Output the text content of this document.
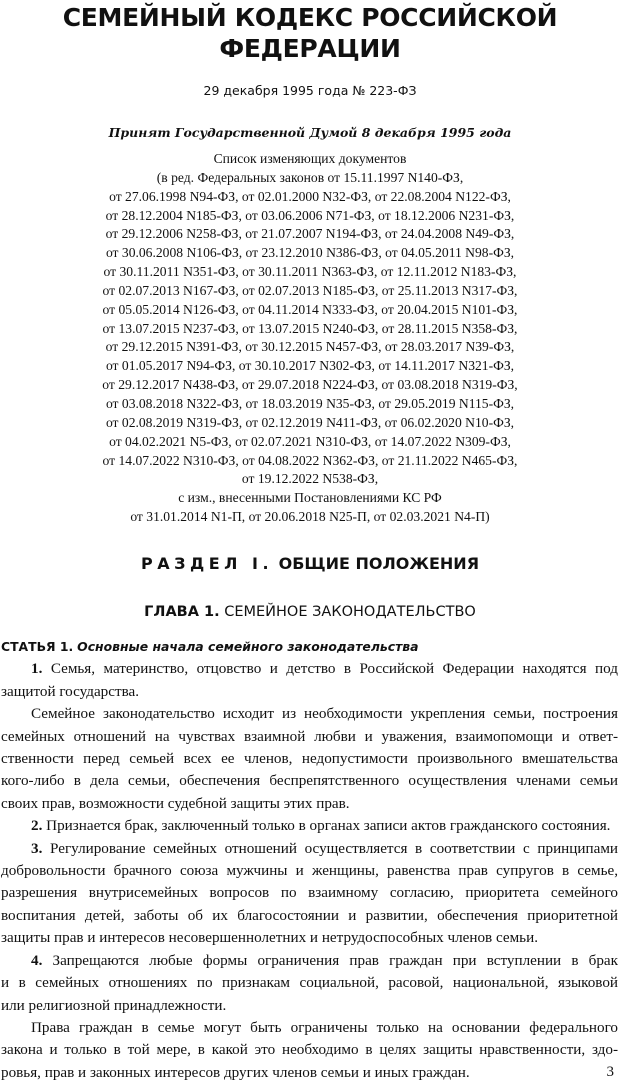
СЕМЕЙНЫЙ КОДЕКС РОССИЙСКОЙ
ФЕДЕРАЦИИ
29 декабря 1995 года № 223-ФЗ
Принят Государственной Думой 8 декабря 1995 года
Список изменяющих документов
(в ред. Федеральных законов от 15.11.1997 N140-ФЗ,
от 27.06.1998 N94-ФЗ, от 02.01.2000 N32-ФЗ, от 22.08.2004 N122-ФЗ,
от 28.12.2004 N185-ФЗ, от 03.06.2006 N71-ФЗ, от 18.12.2006 N231-ФЗ,
от 29.12.2006 N258-ФЗ, от 21.07.2007 N194-ФЗ, от 24.04.2008 N49-ФЗ,
от 30.06.2008 N106-ФЗ, от 23.12.2010 N386-ФЗ, от 04.05.2011 N98-ФЗ,
от 30.11.2011 N351-ФЗ, от 30.11.2011 N363-ФЗ, от 12.11.2012 N183-ФЗ,
от 02.07.2013 N167-ФЗ, от 02.07.2013 N185-ФЗ, от 25.11.2013 N317-ФЗ,
от 05.05.2014 N126-ФЗ, от 04.11.2014 N333-ФЗ, от 20.04.2015 N101-ФЗ,
от 13.07.2015 N237-ФЗ, от 13.07.2015 N240-ФЗ, от 28.11.2015 N358-ФЗ,
от 29.12.2015 N391-ФЗ, от 30.12.2015 N457-ФЗ, от 28.03.2017 N39-ФЗ,
от 01.05.2017 N94-ФЗ, от 30.10.2017 N302-ФЗ, от 14.11.2017 N321-ФЗ,
от 29.12.2017 N438-ФЗ, от 29.07.2018 N224-ФЗ, от 03.08.2018 N319-ФЗ,
от 03.08.2018 N322-ФЗ, от 18.03.2019 N35-ФЗ, от 29.05.2019 N115-ФЗ,
от 02.08.2019 N319-ФЗ, от 02.12.2019 N411-ФЗ, от 06.02.2020 N10-ФЗ,
от 04.02.2021 N5-ФЗ, от 02.07.2021 N310-ФЗ, от 14.07.2022 N309-ФЗ,
от 14.07.2022 N310-ФЗ, от 04.08.2022 N362-ФЗ, от 21.11.2022 N465-ФЗ,
от 19.12.2022 N538-ФЗ,
с изм., внесенными Постановлениями КС РФ
от 31.01.2014 N1-П, от 20.06.2018 N25-П, от 02.03.2021 N4-П)
РАЗДЕЛ I. ОБЩИЕ ПОЛОЖЕНИЯ
ГЛАВА 1. СЕМЕЙНОЕ ЗАКОНОДАТЕЛЬСТВО
СТАТЬЯ 1. Основные начала семейного законодательства
1. Семья, материнство, отцовство и детство в Российской Федерации находятся под
защитой государства.
Семейное законодательство исходит из необходимости укрепления семьи, построения
семейных отношений на чувствах взаимной любви и уважения, взаимопомощи и ответ-
ственности перед семьей всех ее членов, недопустимости произвольного вмешательства
кого-либо в дела семьи, обеспечения беспрепятственного осуществления членами семьи
своих прав, возможности судебной защиты этих прав.
2. Признается брак, заключенный только в органах записи актов гражданского состояния.
3. Регулирование семейных отношений осуществляется в соответствии с принципами
добровольности брачного союза мужчины и женщины, равенства прав супругов в семье,
разрешения внутрисемейных вопросов по взаимному согласию, приоритета семейного
воспитания детей, заботы об их благосостоянии и развитии, обеспечения приоритетной
защиты прав и интересов несовершеннолетних и нетрудоспособных членов семьи.
4. Запрещаются любые формы ограничения прав граждан при вступлении в брак
и в семейных отношениях по признакам социальной, расовой, национальной, языковой
или религиозной принадлежности.
Права граждан в семье могут быть ограничены только на основании федерального
закона и только в той мере, в какой это необходимо в целях защиты нравственности, здо-
ровья, прав и законных интересов других членов семьи и иных граждан.	3
